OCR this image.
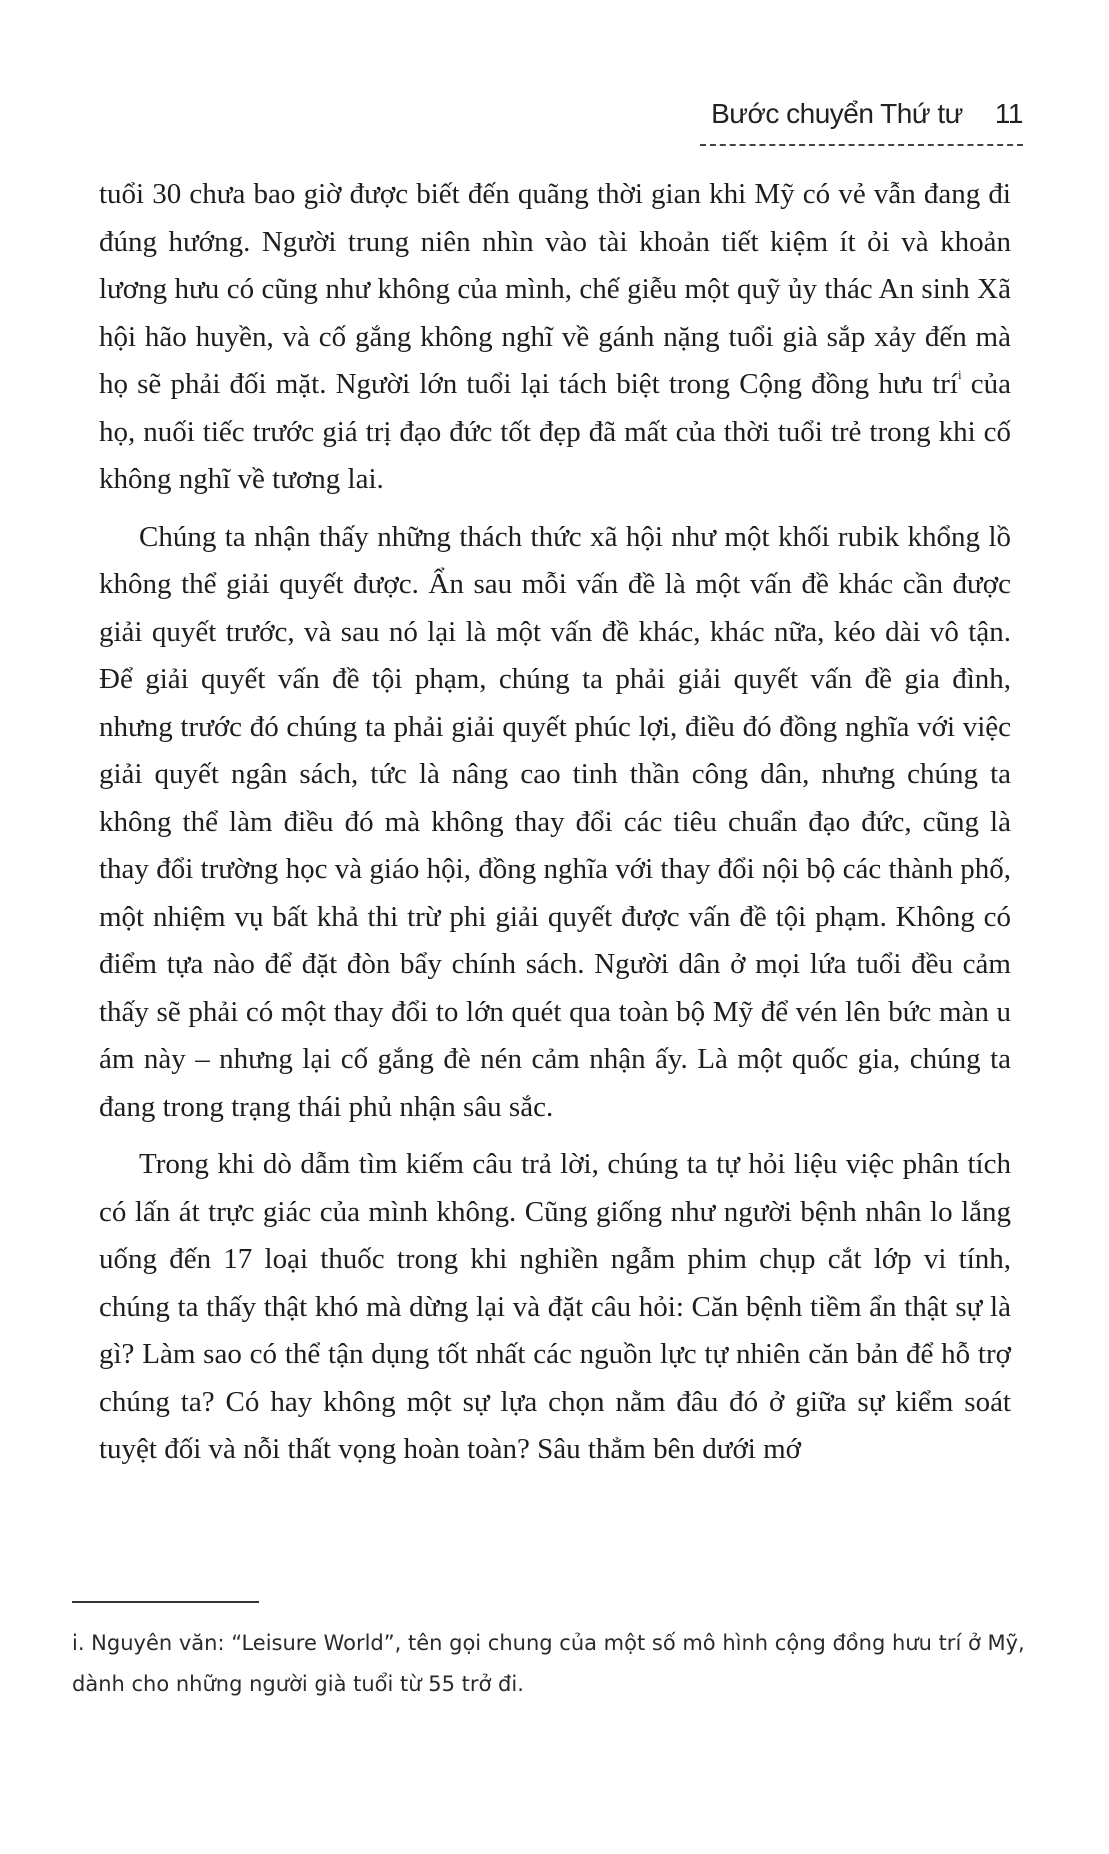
Bước chuyển Thứ tư 11

tuổi 30 chưa bao giờ được biết đến quãng thời gian khi Mỹ có vẻ vẫn đang đi đúng hướng. Người trung niên nhìn vào tài khoản tiết kiệm ít ỏi và khoản lương hưu có cũng như không của mình, chế giễu một quỹ ủy thác An sinh Xã hội hão huyền, và cố gắng không nghĩ về gánh nặng tuổi già sắp xảy đến mà họ sẽ phải đối mặt. Người lớn tuổi lại tách biệt trong Cộng đồng hưu trí$^i$ của họ, nuối tiếc trước giá trị đạo đức tốt đẹp đã mất của thời tuổi trẻ trong khi cố không nghĩ về tương lai.

Chúng ta nhận thấy những thách thức xã hội như một khối rubik khổng lồ không thể giải quyết được. Ẩn sau mỗi vấn đề là một vấn đề khác cần được giải quyết trước, và sau nó lại là một vấn đề khác, khác nữa, kéo dài vô tận. Để giải quyết vấn đề tội phạm, chúng ta phải giải quyết vấn đề gia đình, nhưng trước đó chúng ta phải giải quyết phúc lợi, điều đó đồng nghĩa với việc giải quyết ngân sách, tức là nâng cao tinh thần công dân, nhưng chúng ta không thể làm điều đó mà không thay đổi các tiêu chuẩn đạo đức, cũng là thay đổi trường học và giáo hội, đồng nghĩa với thay đổi nội bộ các thành phố, một nhiệm vụ bất khả thi trừ phi giải quyết được vấn đề tội phạm. Không có điểm tựa nào để đặt đòn bẩy chính sách. Người dân ở mọi lứa tuổi đều cảm thấy sẽ phải có một thay đổi to lớn quét qua toàn bộ Mỹ để vén lên bức màn u ám này – nhưng lại cố gắng đè nén cảm nhận ấy. Là một quốc gia, chúng ta đang trong trạng thái phủ nhận sâu sắc.

Trong khi dò dẫm tìm kiếm câu trả lời, chúng ta tự hỏi liệu việc phân tích có lấn át trực giác của mình không. Cũng giống như người bệnh nhân lo lắng uống đến 17 loại thuốc trong khi nghiền ngẫm phim chụp cắt lớp vi tính, chúng ta thấy thật khó mà dừng lại và đặt câu hỏi: Căn bệnh tiềm ẩn thật sự là gì? Làm sao có thể tận dụng tốt nhất các nguồn lực tự nhiên căn bản để hỗ trợ chúng ta? Có hay không một sự lựa chọn nằm đâu đó ở giữa sự kiểm soát tuyệt đối và nỗi thất vọng hoàn toàn? Sâu thẳm bên dưới mớ

i. Nguyên văn: “Leisure World”, tên gọi chung của một số mô hình cộng đồng hưu trí ở Mỹ, dành cho những người già tuổi từ 55 trở đi.
